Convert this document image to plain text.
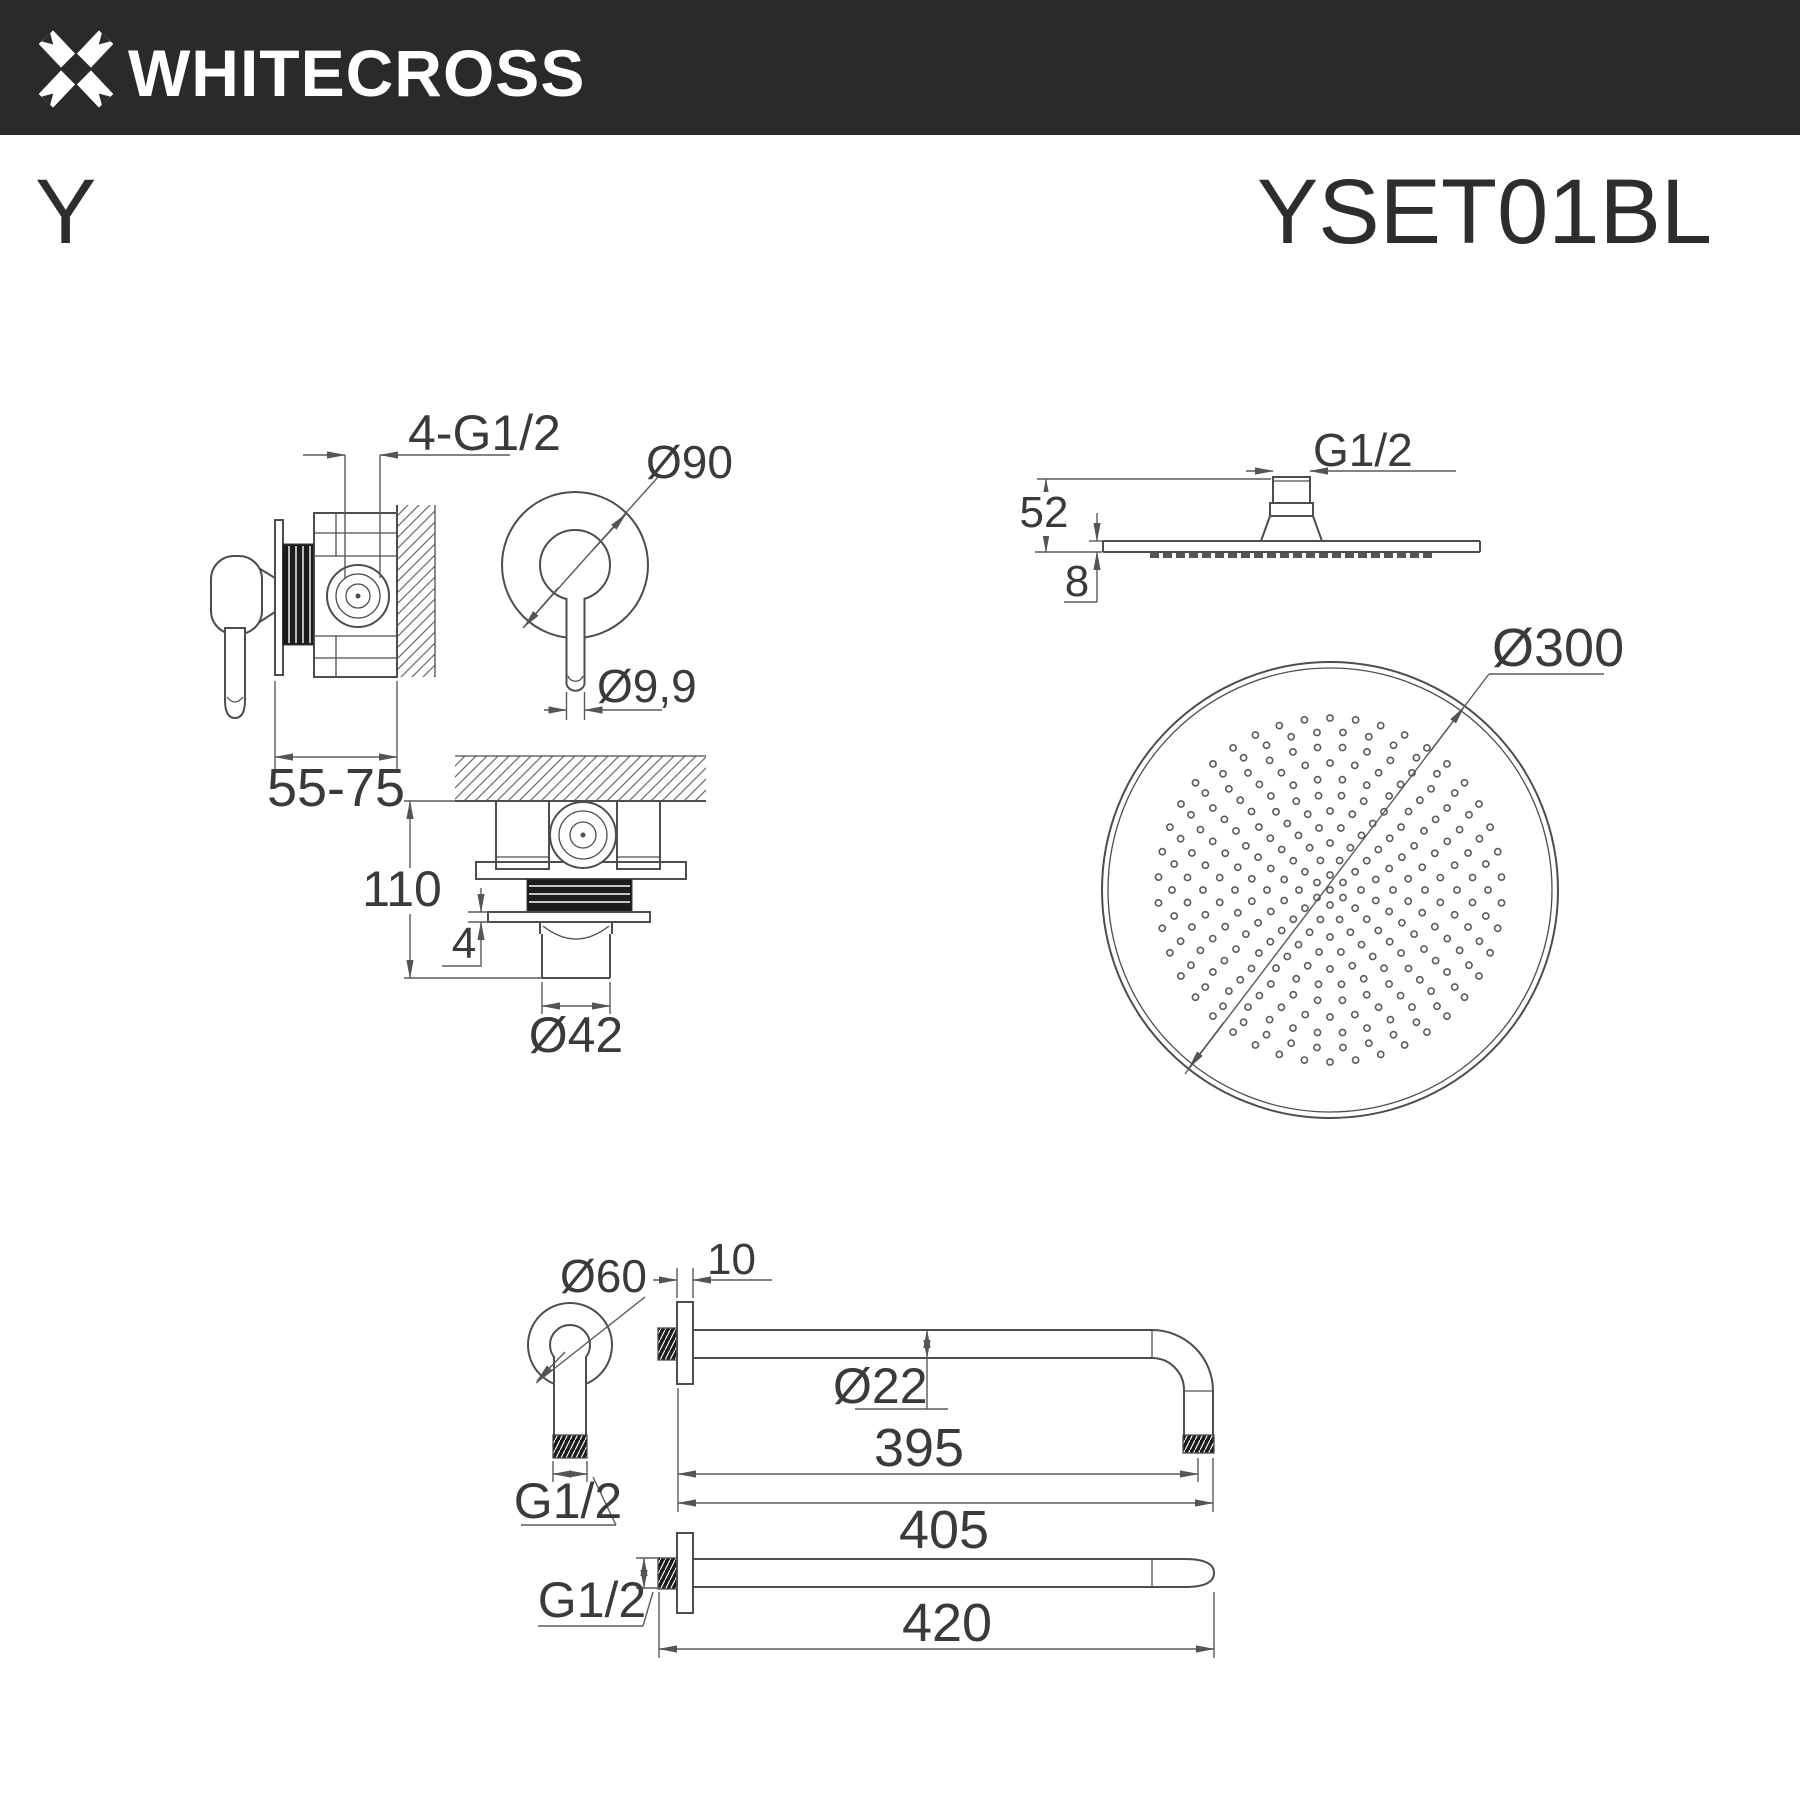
WHITECROSS
Y	YSET01BL
4-G1/2
55-75
Ø90
Ø9,9
110
4
Ø42
G1/2
52
8
Ø300
Ø60
G1/2
10
Ø22
395
405
G1/2	420
